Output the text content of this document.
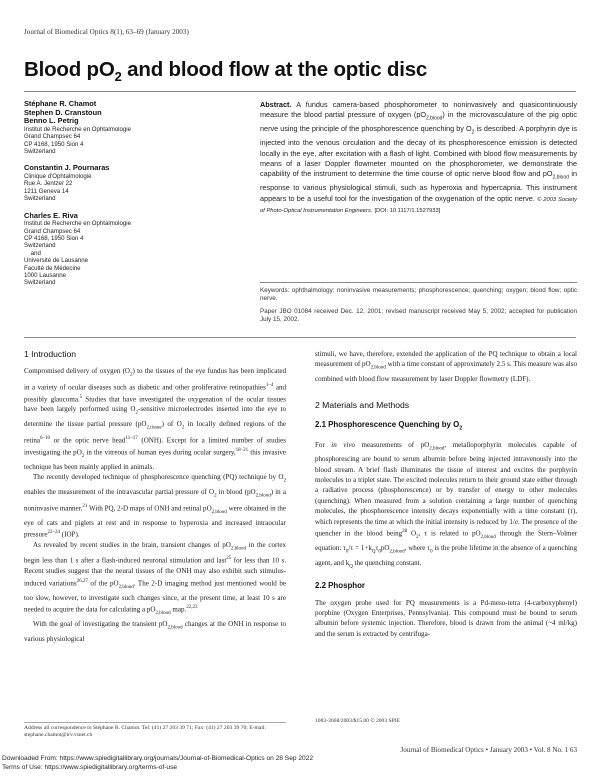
Journal of Biomedical Optics 8(1), 63–69 (January 2003)
Blood $pO_2$ and blood flow at the optic disc
Stéphane R. Chamot
Stephen D. Cranstoun
Benno L. Petrig
Institut de Recherche en Ophtalmologie
Grand Champsec 64
CP 4168, 1950 Sion 4
Switzerland
Constantin J. Pournaras
Clinique d'Ophtalmologie
Rue A. Jentzer 22
1211 Geneva 14
Switzerland
Charles E. Riva
Institut de Recherche en Ophtalmologie
Grand Champsec 64
CP 4168, 1950 Sion 4
Switzerland
and
Université de Lausanne
Faculté de Médecine
1000 Lausanne
Switzerland
Abstract. A fundus camera-based phosphorometer to noninvasively and quasicontinuously measure the blood partial pressure of oxygen $(pO_{2,blood})$ in the microvasculature of the pig optic nerve using the principle of the phosphorescence quenching by $O_2$ is described. A porphyrin dye is injected into the venous circulation and the decay of its phosphorescence emission is detected locally in the eye, after excitation with a flash of light. Combined with blood flow measurements by means of a laser Doppler flowmeter mounted on the phosphorometer, we demonstrate the capability of the instrument to determine the time course of optic nerve blood flow and $pO_{2,blood}$ in response to various physiological stimuli, such as hyperoxia and hypercapnia. This instrument appears to be a useful tool for the investigation of the oxygenation of the optic nerve. © 2003 Society of Photo-Optical Instrumentation Engineers. [DOI: 10.1117/1.1527933]
Keywords: ophthalmology; noninvasive measurements; phosphorescence; quenching; oxygen; blood flow; optic nerve.
Paper JBO 01084 received Dec. 12, 2001; revised manuscript received May 5, 2002; accepted for publication July 15, 2002.
1 Introduction

Compromised delivery of oxygen $(O_2)$ to the tissues of the eye fundus has been implicated in a variety of ocular diseases such as diabetic and other proliferative retinopathies$^{1-4}$ and possibly glaucoma.$^5$ Studies that have investigated the oxygenation of the ocular tissues have been largely performed using $O_2$-sensitive microelectrodes inserted into the eye to determine the tissue partial pressure $(pO_{2,tissue})$ of $O_2$ in locally defined regions of the retina$^{6-10}$ or the optic nerve head$^{11-17}$ (ONH). Except for a limited number of studies investigating the $pO_2$ in the vitreous of human eyes during ocular surgery,$^{18-21}$ this invasive technique has been mainly applied in animals.

The recently developed technique of phosphorescence quenching (PQ) technique by $O_2$ enables the measurement of the intravascular partial pressure of $O_2$ in blood $(pO_{2,blood})$ in a noninvasive manner.$^{21}$ With PQ, 2-D maps of ONH and retinal $pO_{2,blood}$ were obtained in the eye of cats and piglets at rest and in response to hyperoxia and increased intraocular pressure$^{22-24}$ (IOP).

As revealed by recent studies in the brain, transient changes of $pO_{2,blood}$ in the cortex begin less than 1 s after a flash-induced neuronal stimulation and last$^{25}$ for less than 10 s. Recent studies suggest that the neural tissues of the ONH may also exhibit such stimulus-induced variations$^{26,27}$ of the $pO_{2,blood}$. The 2-D imaging method just mentioned would be too slow, however, to investigate such changes since, at the present time, at least 10 s are needed to acquire the data for calculating a $pO_{2,blood}$ map.$^{22,23}$

With the goal of investigating the transient $pO_{2,blood}$ changes at the ONH in response to various physiological

Address all correspondence to Stéphane R. Chamot. Tel: (41) 27 203 39 71; Fax: (41) 27 203 39 70; E-mail: stephane.chamot@irv.vsnet.ch

stimuli, we have, therefore, extended the application of the PQ technique to obtain a local measurement of $pO_{2,blood}$ with a time constant of approximately 2.5 s. This measure was also combined with blood flow measurement by laser Doppler flowmetry (LDF).

2 Materials and Methods
2.1 Phosphorescence Quenching by $O_2$

For in vivo measurements of $pO_{2,blood}$, metalloporphyrin molecules capable of phosphorescing are bound to serum albumin before being injected intravenously into the blood stream. A brief flash illuminates the tissue of interest and excites the porphyrin molecules to a triplet state. The excited molecules return to their ground state either through a radiative process (phosphorescence) or by transfer of energy to other molecules (quenching). When measured from a solution containing a large number of quenching molecules, the phosphorescence intensity decays exponentially with a time constant (τ), which represents the time at which the initial intensity is reduced by 1/e. The presence of the quencher in the blood being$^{28}$ $O_2$, τ is related to $pO_{2,blood}$ through the Stern–Volmer equation: $\tau_0/\tau = 1+k_Q\tau_0pO_{2,blood}$, where $\tau_0$ is the probe lifetime in the absence of a quenching agent, and $k_Q$ the quenching constant.

2.2 Phosphor

The oxygen probe used for PQ measurements is a Pd-meso-tetra (4-carboxyphenyl) porphine (Oxygen Enterprises, Pennsylvania). This compound must be bound to serum albumin before systemic injection. Therefore, blood is drawn from the animal (~4 ml/kg) and the serum is extracted by centrifuga-

1083-3668/2003/$15.00 © 2003 SPIE
Journal of Biomedical Optics • January 2003 • Vol. 8 No. 1 63
Downloaded From: https://www.spiedigitallibrary.org/journals/Journal-of-Biomedical-Optics on 28 Sep 2022
Terms of Use: https://www.spiedigitallibrary.org/terms-of-use
